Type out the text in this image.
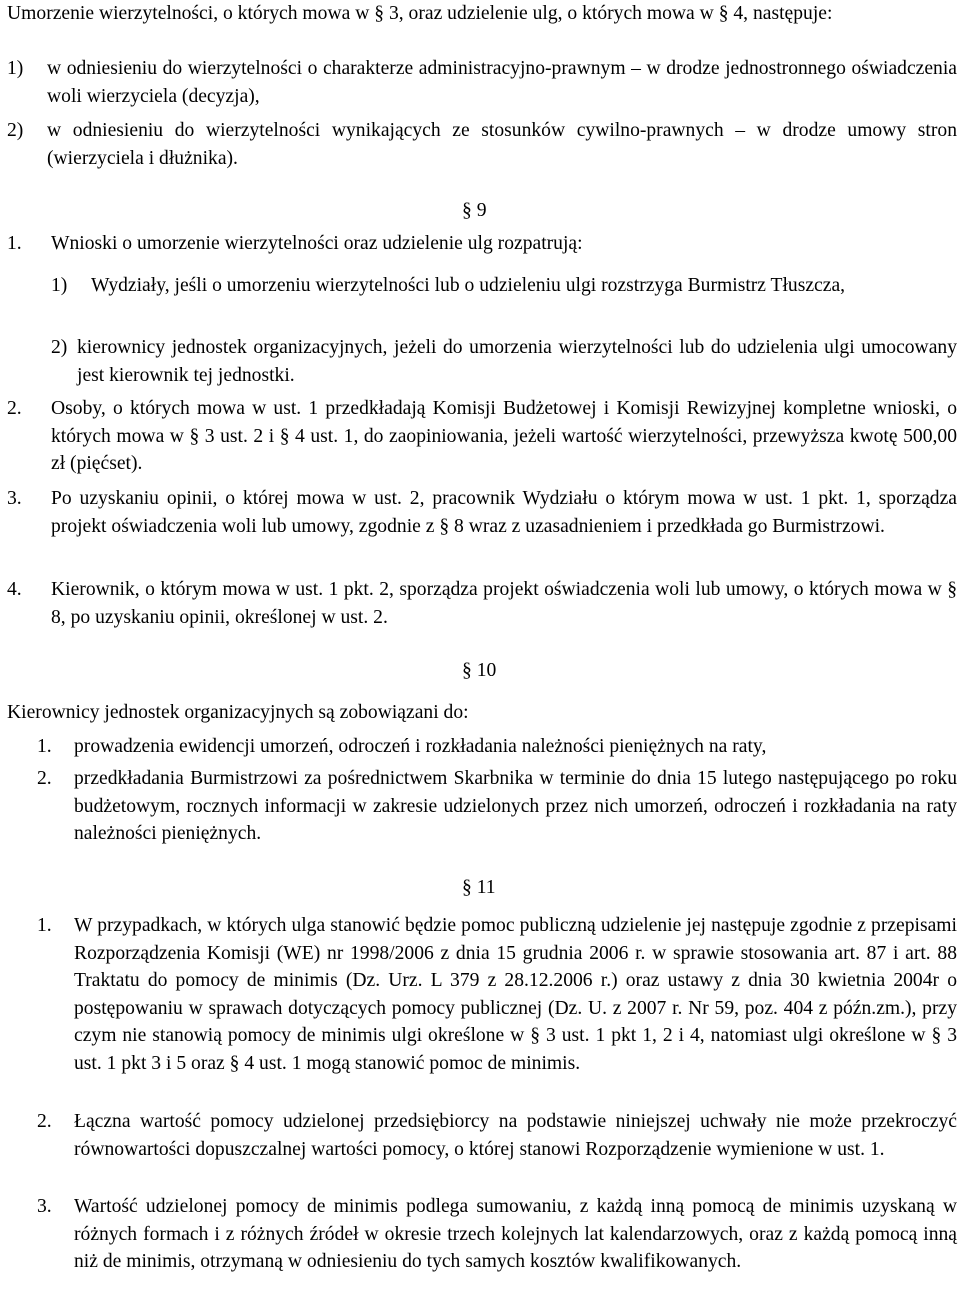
Umorzenie wierzytelności, o których mowa w § 3, oraz udzielenie ulg, o których mowa w § 4, następuje:
1)	w odniesieniu do wierzytelności o charakterze administracyjno-prawnym – w drodze jednostronnego oświadczenia woli wierzyciela (decyzja),
2)	w odniesieniu do wierzytelności wynikających ze stosunków cywilno-prawnych – w drodze umowy stron (wierzyciela i dłużnika).
§ 9
1.	Wnioski o umorzenie wierzytelności oraz udzielenie ulg rozpatrują:
1)	Wydziały, jeśli o umorzeniu wierzytelności lub o udzieleniu ulgi rozstrzyga Burmistrz Tłuszcza,
2) kierownicy jednostek organizacyjnych, jeżeli do umorzenia wierzytelności lub do udzielenia ulgi umocowany jest kierownik tej jednostki.
2.	Osoby, o których mowa w ust. 1 przedkładają Komisji Budżetowej i Komisji Rewizyjnej kompletne wnioski, o których mowa w § 3 ust. 2 i § 4 ust. 1, do zaopiniowania, jeżeli wartość wierzytelności, przewyższa kwotę 500,00 zł (pięćset).
3.	Po uzyskaniu opinii, o której mowa w ust. 2, pracownik Wydziału o którym mowa w ust. 1 pkt. 1, sporządza projekt oświadczenia woli lub umowy, zgodnie z § 8 wraz z uzasadnieniem i przedkłada go Burmistrzowi.
4.	Kierownik, o którym mowa w ust. 1 pkt. 2, sporządza projekt oświadczenia woli lub umowy, o których mowa w § 8, po uzyskaniu opinii, określonej w ust. 2.
§ 10
Kierownicy jednostek organizacyjnych są zobowiązani do:
1.	prowadzenia ewidencji umorzeń, odroczeń i rozkładania należności pieniężnych na raty,
2.	przedkładania Burmistrzowi za pośrednictwem Skarbnika w terminie do dnia 15 lutego następującego po roku budżetowym, rocznych informacji w zakresie udzielonych przez nich umorzeń, odroczeń i rozkładania na raty należności pieniężnych.
§ 11
1.	W przypadkach, w których ulga stanowić będzie pomoc publiczną udzielenie jej następuje zgodnie z przepisami Rozporządzenia Komisji (WE) nr 1998/2006 z dnia 15 grudnia 2006 r. w sprawie stosowania art. 87 i art. 88 Traktatu do pomocy de minimis (Dz. Urz. L 379 z 28.12.2006 r.) oraz ustawy z dnia 30 kwietnia 2004r o postępowaniu w sprawach dotyczących pomocy publicznej (Dz. U. z 2007 r. Nr 59, poz. 404 z późn.zm.), przy czym nie stanowią pomocy de minimis ulgi określone w § 3 ust. 1 pkt 1, 2 i 4, natomiast ulgi określone w § 3 ust. 1 pkt 3 i 5 oraz § 4 ust. 1 mogą stanowić pomoc de minimis.
2.	Łączna wartość pomocy udzielonej przedsiębiorcy na podstawie niniejszej uchwały nie może przekroczyć równowartości dopuszczalnej wartości pomocy, o której stanowi Rozporządzenie wymienione w ust. 1.
3.	Wartość udzielonej pomocy de minimis podlega sumowaniu, z każdą inną pomocą de minimis uzyskaną w różnych formach i z różnych źródeł w okresie trzech kolejnych lat kalendarzowych, oraz z każdą pomocą inną niż de minimis, otrzymaną w odniesieniu do tych samych kosztów kwalifikowanych.
